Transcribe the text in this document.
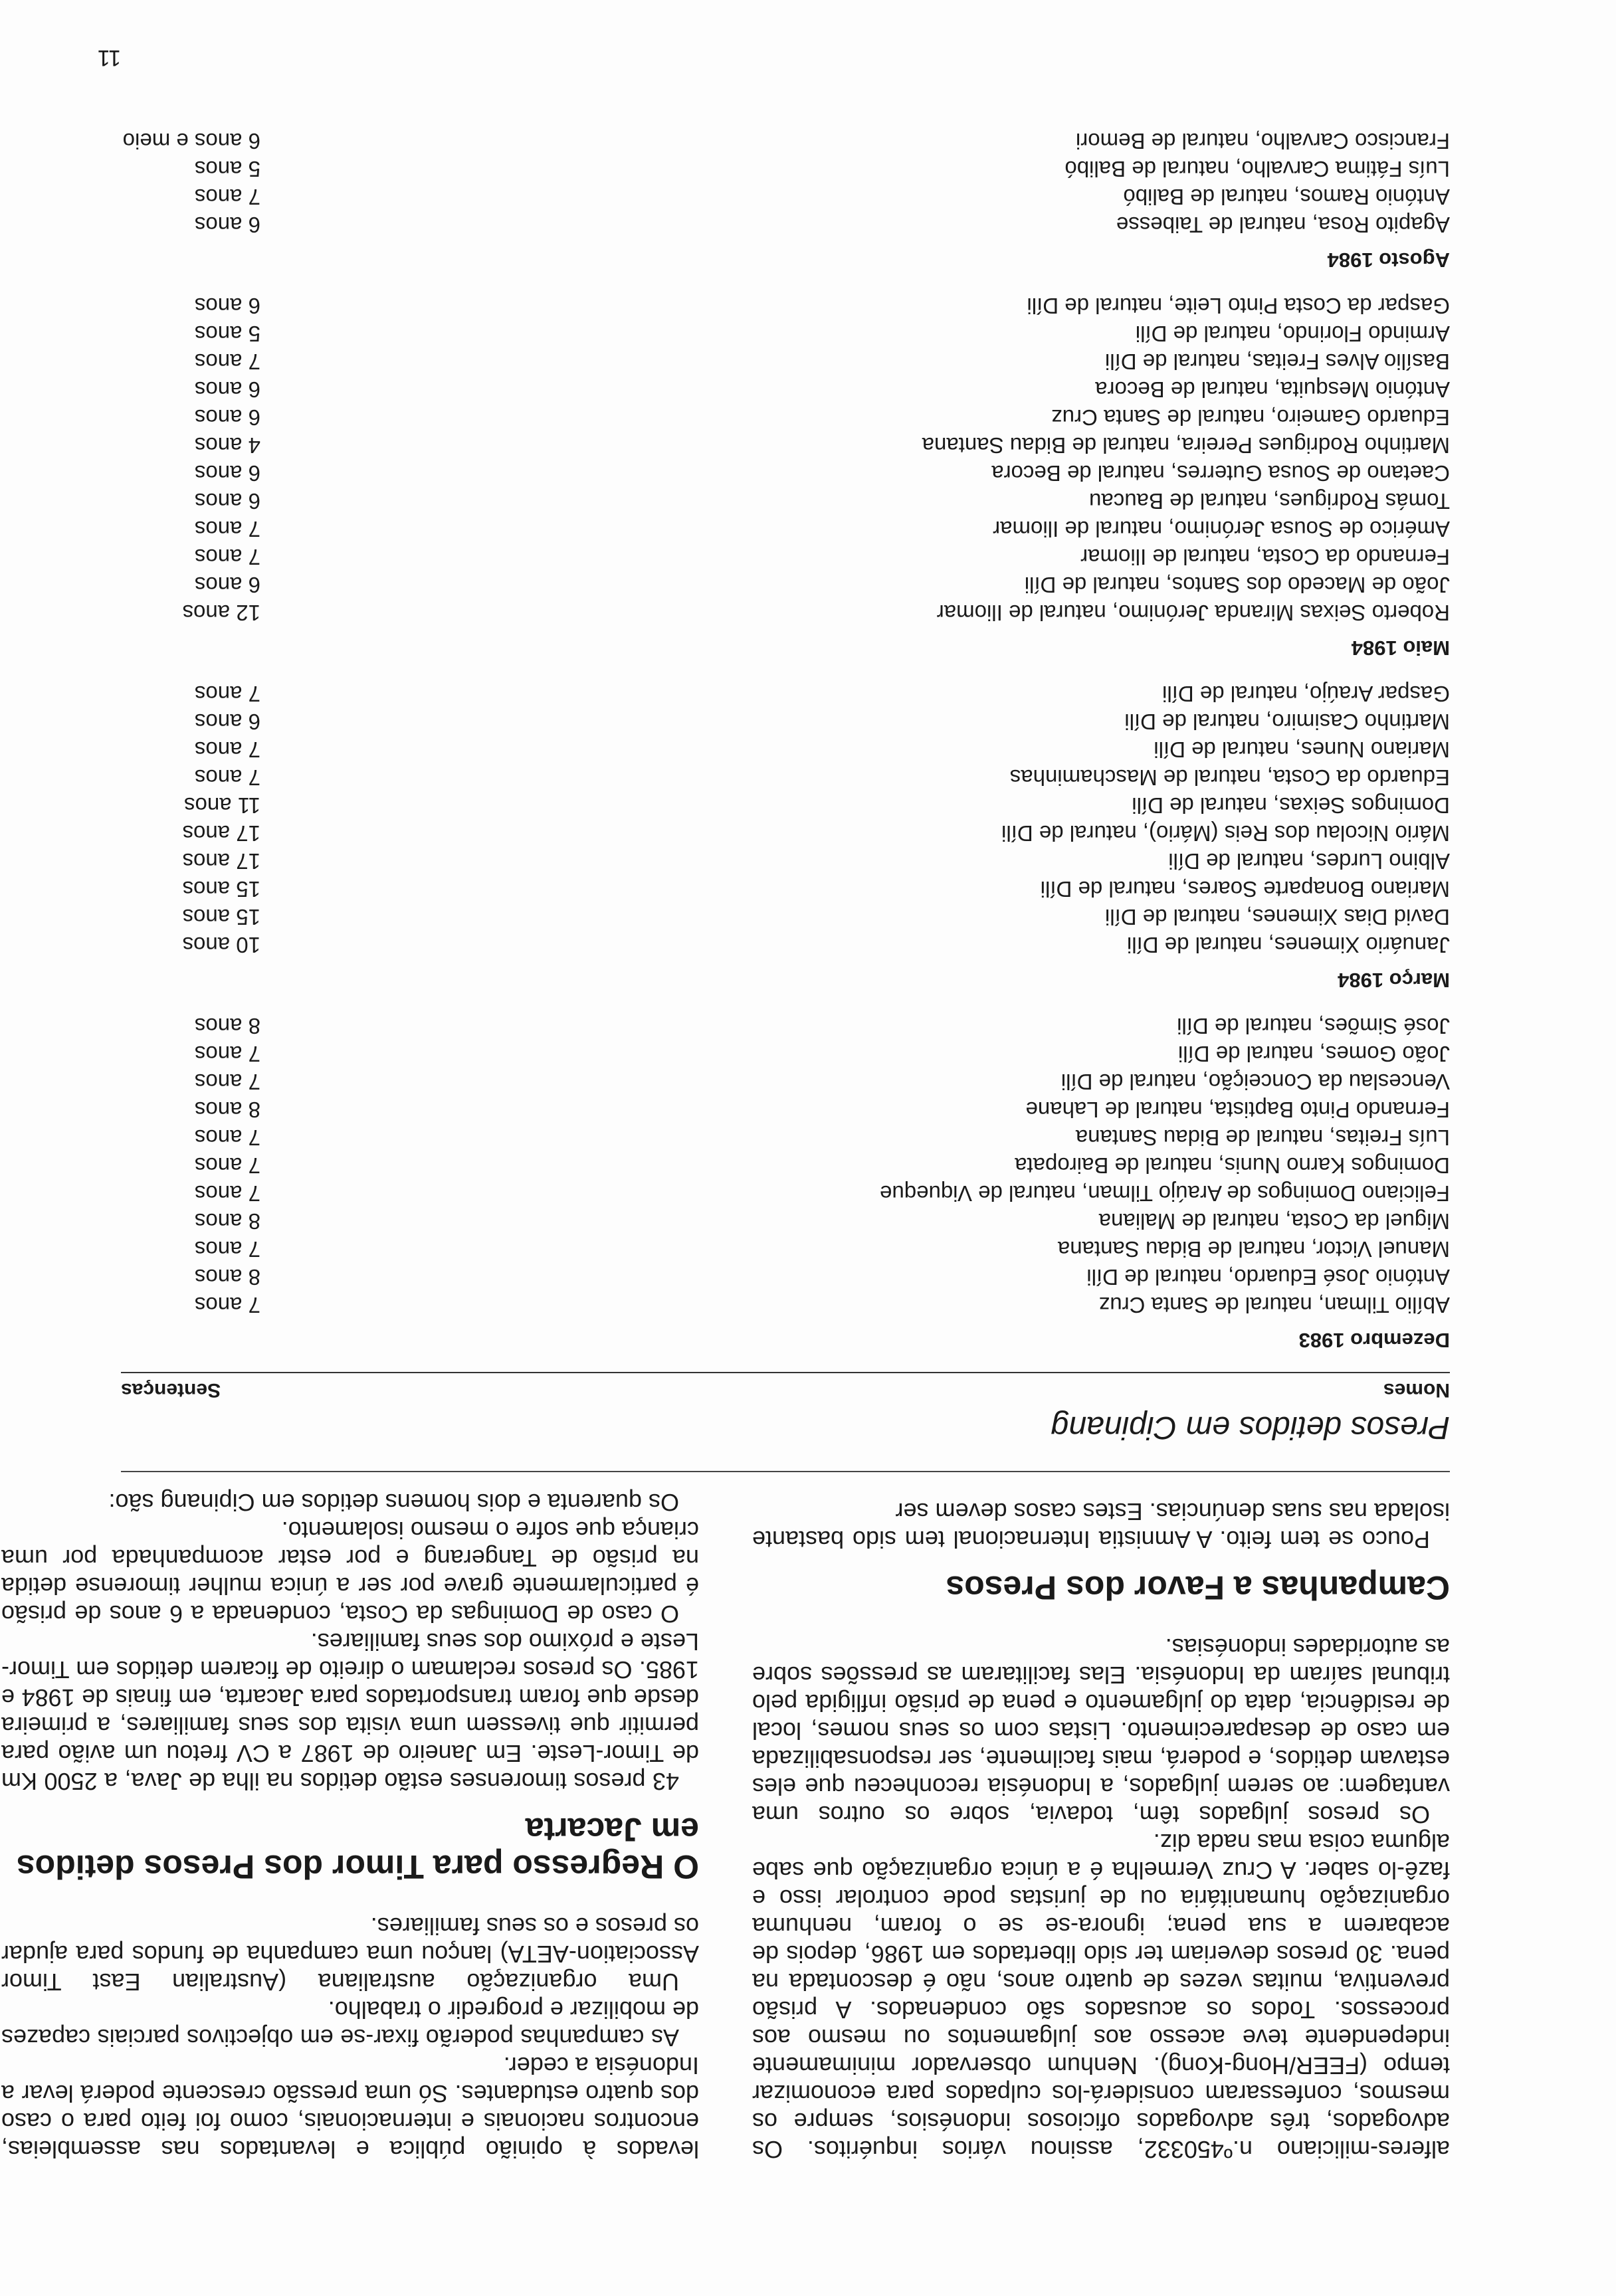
alferes-miliciano n.º450332, assinou vários inquéritos. Os advogados, três advogados oficiosos indonésios, sempre os mesmos, confessaram considerá-los culpados para economizar tempo (FEER/Hong-Kong). Nenhum observador minimamente independente teve acesso aos julgamentos ou mesmo aos processos. Todos os acusados são condenados. A prisão preventiva, muitas vezes de quatro anos, não é descontada na pena. 30 presos deveriam ter sido libertados em 1986, depois de acabarem a sua pena; ignora-se se o foram, nenhuma organização humanitária ou de juristas pode controlar isso e fazê-lo saber. A Cruz Vermelha é a única organização que sabe alguma coisa mas nada diz.

Os presos julgados têm, todavia, sobre os outros uma vantagem: ao serem julgados, a Indonésia reconheceu que eles estavam detidos, e poderá, mais facilmente, ser responsabilizada em caso de desaparecimento. Listas com os seus nomes, local de residência, data do julgamento e pena de prisão infligida pelo tribunal saíram da Indonésia. Elas facilitaram as pressões sobre as autoridades indonésias.

Campanhas a Favor dos Presos

Pouco se tem feito. A Amnistia Internacional tem sido bastante isolada nas suas denúncias. Estes casos devem ser

levados à opinião pública e levantados nas assembleias, encontros nacionais e internacionais, como foi feito para o caso dos quatro estudantes. Só uma pressão crescente poderá levar a Indonésia a ceder.

As campanhas poderão fixar-se em objectivos parciais capazes de mobilizar e progredir o trabalho.

Uma organização australiana (Australian East Timor Association-AETA) lançou uma campanha de fundos para ajudar os presos e os seus familiares.

O Regresso para Timor dos Presos detidos em Jacarta

43 presos timorenses estão detidos na ilha de Java, a 2500 Km de Timor-Leste. Em Janeiro de 1987 a CV fretou um avião para permitir que tivessem uma visita dos seus familiares, a primeira desde que foram transportados para Jacarta, em finais de 1984 e 1985. Os presos reclamam o direito de ficarem detidos em Timor-Leste e próximo dos seus familiares.

O caso de Domingas da Costa, condenada a 6 anos de prisão é particularmente grave por ser a única mulher timorense detida na prisão de Tangerang e por estar acompanhada por uma criança que sofre o mesmo isolamento.

Os quarenta e dois homens detidos em Cipinang são:

Presos detidos em Cipinang
Nomes
Sentenças
Dezembro 1983
Abílio Tilman, natural de Santa Cruz
7 anos
António José Eduardo, natural de Díli
8 anos
Manuel Victor, natural de Bidau Santana
7 anos
Miguel da Costa, natural de Maliana
8 anos
Feliciano Domingos de Araújo Tilman, natural de Viqueque
7 anos
Domingos Karno Nunis, natural de Bairopata
7 anos
Luís Freitas, natural de Bidau Santana
7 anos
Fernando Pinto Baptista, natural de Lahane
8 anos
Venceslau da Conceição, natural de Díli
7 anos
João Gomes, natural de Díli
7 anos
José Simões, natural de Díli
8 anos
Março 1984
Januário Ximenes, natural de Díli
10 anos
David Dias Ximenes, natural de Díli
15 anos
Mariano Bonaparte Soares, natural de Díli
15 anos
Albino Lurdes, natural de Díli
17 anos
Mário Nicolau dos Reis (Mário), natural de Díli
17 anos
Domingos Seixas, natural de Díli
11 anos
Eduardo da Costa, natural de Maschaminhas
7 anos
Mariano Nunes, natural de Díli
7 anos
Martinho Casimiro, natural de Díli
6 anos
Gaspar Araújo, natural de Díli
7 anos
Maio 1984
Roberto Seixas Miranda Jerónimo, natural de Iliomar
12 anos
João de Macedo dos Santos, natural de Díli
6 anos
Fernando da Costa, natural de Iliomar
7 anos
Américo de Sousa Jerónimo, natural de Iliomar
7 anos
Tomás Rodrigues, natural de Baucau
6 anos
Caetano de Sousa Guterres, natural de Becora
6 anos
Martinho Rodrigues Pereira, natural de Bidau Santana
4 anos
Eduardo Gameiro, natural de Santa Cruz
6 anos
António Mesquita, natural de Becora
6 anos
Basílio Alves Freitas, natural de Díli
7 anos
Armindo Florindo, natural de Díli
5 anos
Gaspar da Costa Pinto Leite, natural de Díli
6 anos
Agosto 1984
Agapito Rosa, natural de Taibesse
6 anos
António Ramos, natural de Balibó
7 anos
Luís Fátima Carvalho, natural de Balibó
5 anos
Francisco Carvalho, natural de Bemori
6 anos e meio
11
